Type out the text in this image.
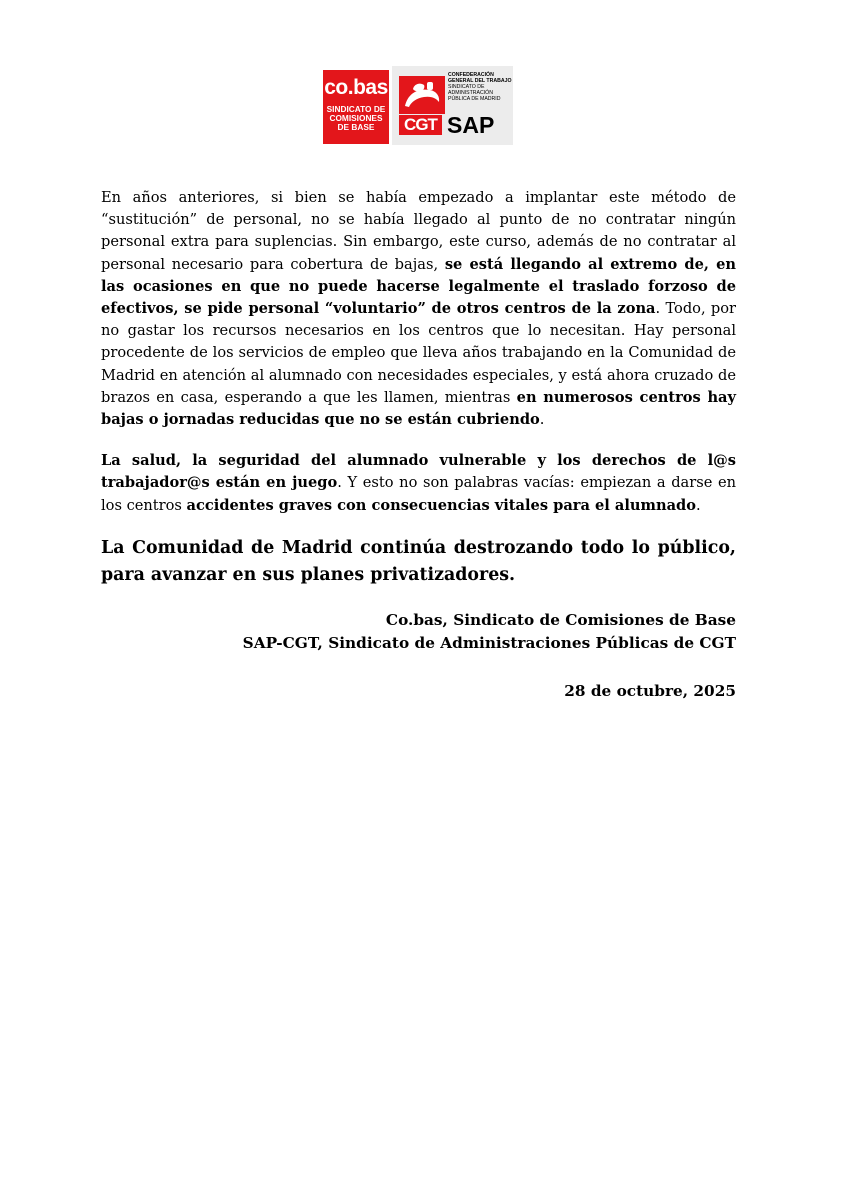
co.bas
SINDICATO DE
COMISIONES
DE BASE	CGT
CONFEDERACIÓN
GENERAL DEL TRABAJO
SINDICATO DE
ADMINISTRACIÓN
PÚBLICA DE MADRID
SAP

En años anteriores, si bien se había empezado a implantar este método de “sustitución” de personal, no se había llegado al punto de no contratar ningún personal extra para suplencias. Sin embargo, este curso, además de no contratar al personal necesario para cobertura de bajas, se está llegando al extremo de, en las ocasiones en que no puede hacerse legalmente el traslado forzoso de efectivos, se pide personal “voluntario” de otros centros de la zona. Todo, por no gastar los recursos necesarios en los centros que lo necesitan. Hay personal procedente de los servicios de empleo que lleva años trabajando en la Comunidad de Madrid en atención al alumnado con necesidades especiales, y está ahora cruzado de brazos en casa, esperando a que les llamen, mientras en numerosos centros hay bajas o jornadas reducidas que no se están cubriendo.

La salud, la seguridad del alumnado vulnerable y los derechos de l@s trabajador@s están en juego. Y esto no son palabras vacías: empiezan a darse en los centros accidentes graves con consecuencias vitales para el alumnado.

La Comunidad de Madrid continúa destrozando todo lo público, para avanzar en sus planes privatizadores.

Co.bas, Sindicato de Comisiones de Base
SAP-CGT, Sindicato de Administraciones Públicas de CGT
28 de octubre, 2025
